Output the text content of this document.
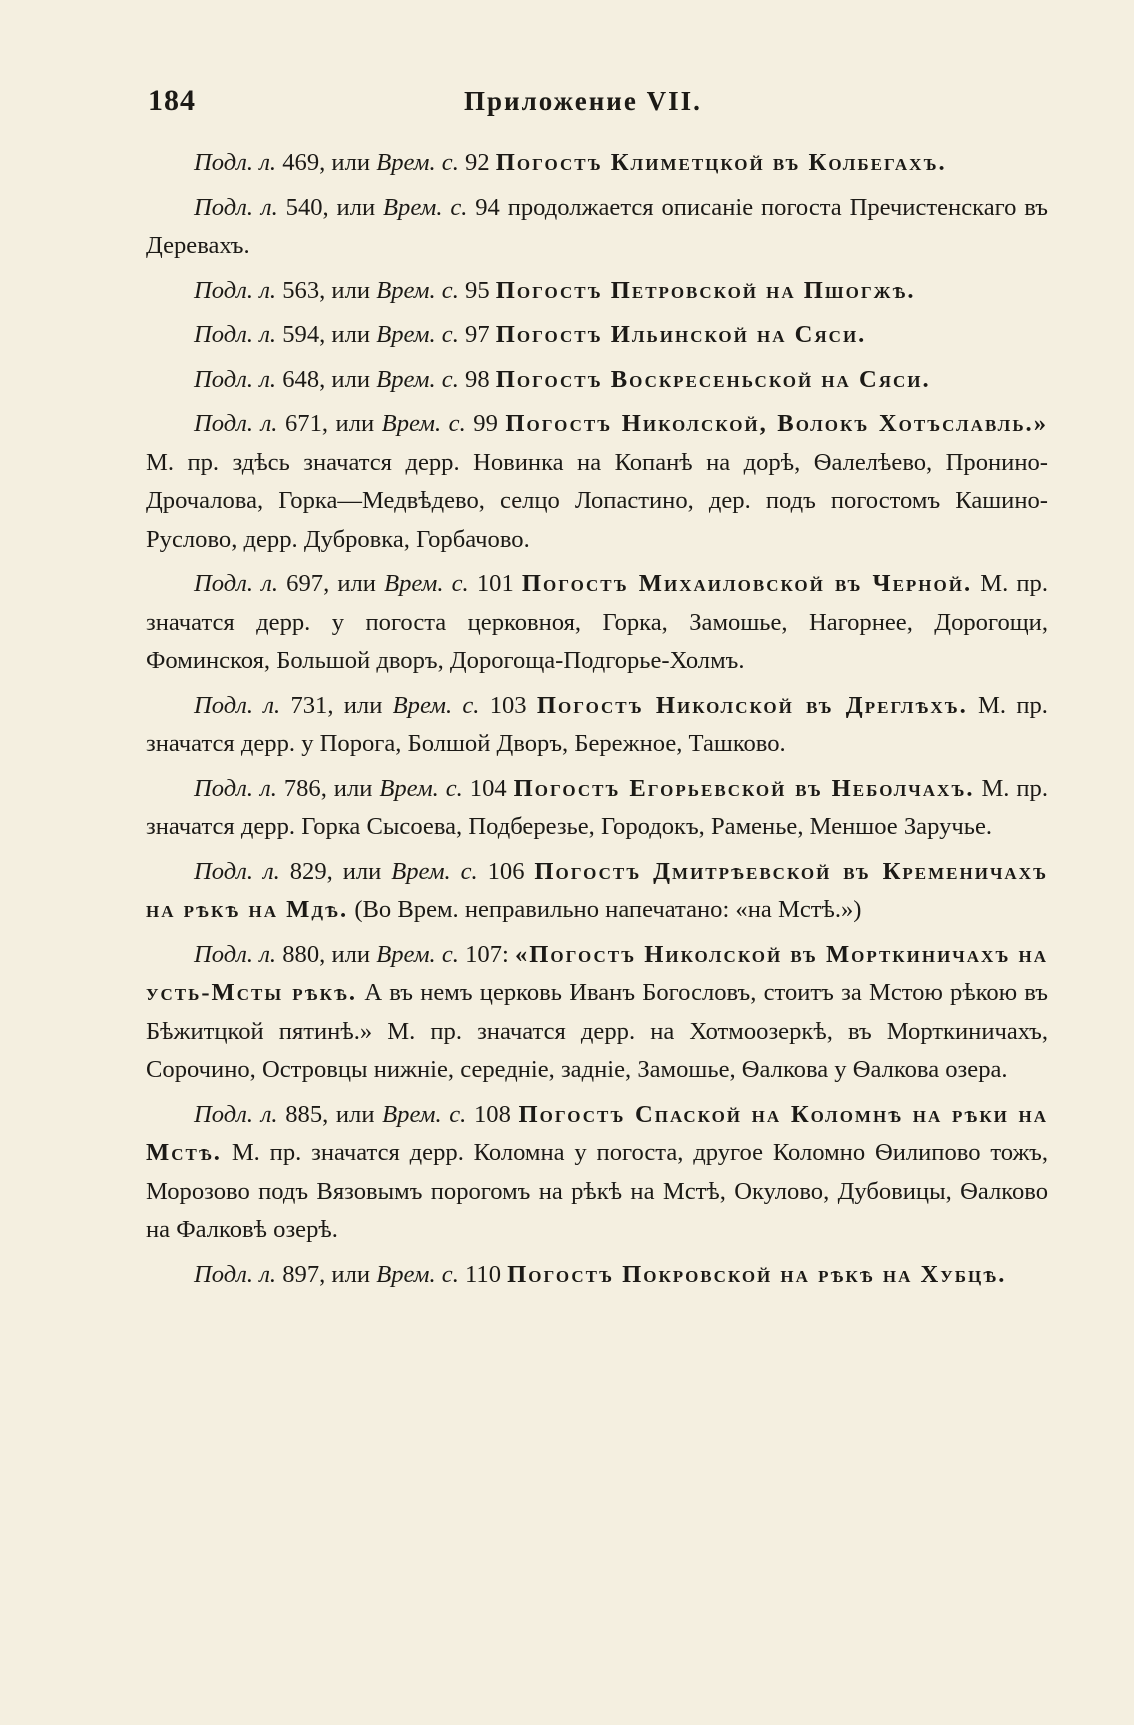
184	Приложение VII.

Подл. л. 469, или Врем. с. 92 Погостъ Климетцкой въ Колбегахъ.

Подл. л. 540, или Врем. с. 94 продолжается описаніе погоста Пречистенскаго въ Деревахъ.

Подл. л. 563, или Врем. с. 95 Погостъ Петровской на Пшогжѣ.

Подл. л. 594, или Врем. с. 97 Погостъ Ильинской на Сяси.

Подл. л. 648, или Врем. с. 98 Погостъ Воскресеньской на Сяси.

Подл. л. 671, или Врем. с. 99 Погостъ Николской, Волокъ Хотъславль.» М. пр. здѣсь значатся дерр. Новинка на Копанѣ на дорѣ, Ѳалелѣево, Пронино-Дрочалова, Горка—Медвѣдево, селцо Лопастино, дер. подъ погостомъ Кашино-Руслово, дерр. Дубровка, Горбачово.

Подл. л. 697, или Врем. с. 101 Погостъ Михаиловской въ Черной. М. пр. значатся дерр. у погоста церковноя, Горка, Замошье, Нагорнее, Дорогощи, Фоминскоя, Большой дворъ, Дорогоща-Подгорье-Холмъ.

Подл. л. 731, или Врем. с. 103 Погостъ Николской въ Дреглѣхъ. М. пр. значатся дерр. у Порога, Болшой Дворъ, Бережное, Ташково.

Подл. л. 786, или Врем. с. 104 Погостъ Егорьевской въ Неболчахъ. М. пр. значатся дерр. Горка Сысоева, Подберезье, Городокъ, Раменье, Меншое Заручье.

Подл. л. 829, или Врем. с. 106 Погостъ Дмитрѣевской въ Кременичахъ на рѣкѣ на Мдѣ. (Во Врем. неправильно напечатано: «на Мстѣ.»)

Подл. л. 880, или Врем. с. 107: «Погостъ Николской въ Морткиничахъ на усть-Мсты рѣкѣ. А въ немъ церковь Иванъ Богословъ, стоитъ за Мстою рѣкою въ Бѣжитцкой пятинѣ.» М. пр. значатся дерр. на Хотмоозеркѣ, въ Морткиничахъ, Сорочино, Островцы нижніе, середніе, задніе, Замошье, Ѳалкова у Ѳалкова озера.

Подл. л. 885, или Врем. с. 108 Погостъ Спаской на Коломнѣ на рѣки на Мстѣ. М. пр. значатся дерр. Коломна у погоста, другое Коломно Ѳилипово тожъ, Морозово подъ Вязовымъ порогомъ на рѣкѣ на Мстѣ, Окулово, Дубовицы, Ѳалково на Фалковѣ озерѣ.

Подл. л. 897, или Врем. с. 110 Погостъ Покровской на рѣкѣ на Хубцѣ.
